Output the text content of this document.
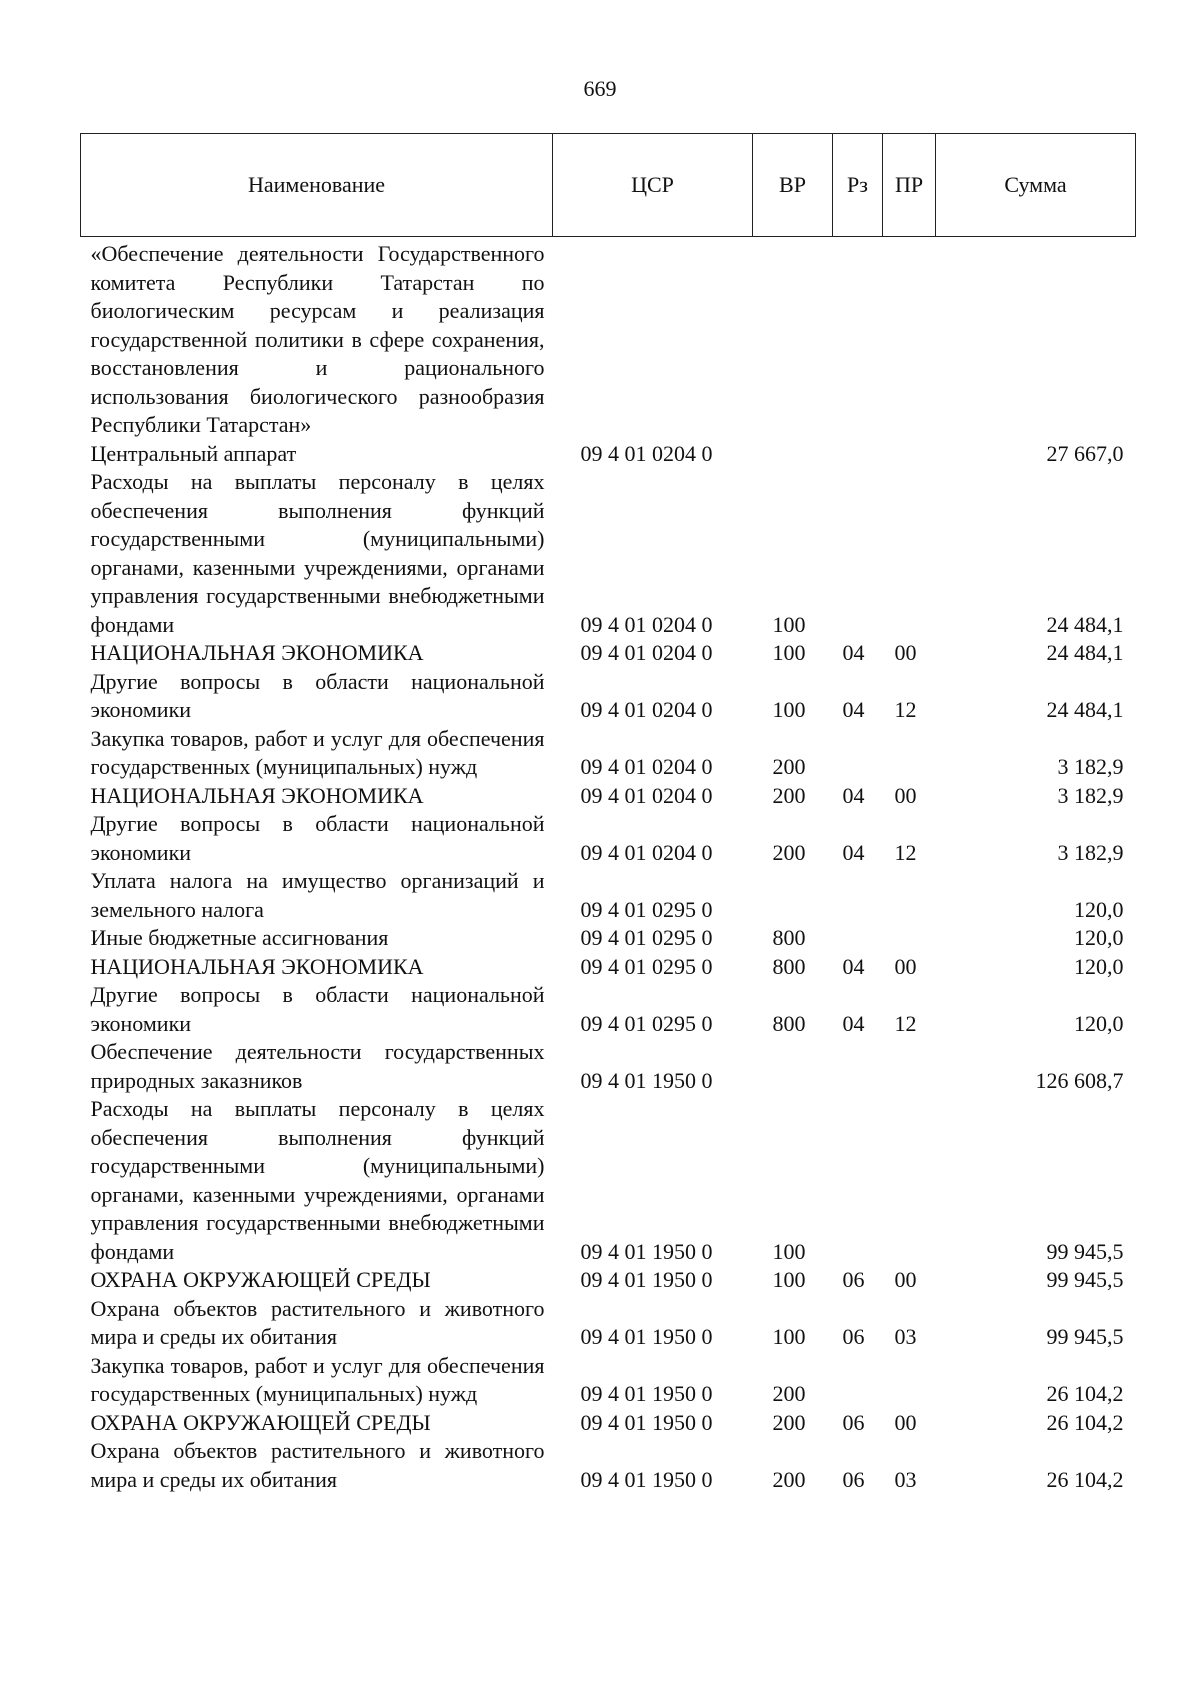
669
Наименование	ЦСР	ВР	Рз	ПР	Сумма
«Обеспечение деятельности Государственного комитета Республики Татарстан по биологическим ресурсам и реализация государственной политики в сфере сохранения, восстановления и рационального использования биологического разнообразия Республики Татарстан»					
Центральный аппарат	09 4 01 0204 0				27 667,0
Расходы на выплаты персоналу в целях обеспечения выполнения функций государственными (муниципальными) органами, казенными учреждениями, органами управления государственными внебюджетными фондами	09 4 01 0204 0	100			24 484,1
НАЦИОНАЛЬНАЯ ЭКОНОМИКА	09 4 01 0204 0	100	04	00	24 484,1
Другие вопросы в области национальной экономики	09 4 01 0204 0	100	04	12	24 484,1
Закупка товаров, работ и услуг для обеспечения государственных (муниципальных) нужд	09 4 01 0204 0	200			3 182,9
НАЦИОНАЛЬНАЯ ЭКОНОМИКА	09 4 01 0204 0	200	04	00	3 182,9
Другие вопросы в области национальной экономики	09 4 01 0204 0	200	04	12	3 182,9
Уплата налога на имущество организаций и земельного налога	09 4 01 0295 0				120,0
Иные бюджетные ассигнования	09 4 01 0295 0	800			120,0
НАЦИОНАЛЬНАЯ ЭКОНОМИКА	09 4 01 0295 0	800	04	00	120,0
Другие вопросы в области национальной экономики	09 4 01 0295 0	800	04	12	120,0
Обеспечение деятельности государственных природных заказников	09 4 01 1950 0				126 608,7
Расходы на выплаты персоналу в целях обеспечения выполнения функций государственными (муниципальными) органами, казенными учреждениями, органами управления государственными внебюджетными фондами	09 4 01 1950 0	100			99 945,5
ОХРАНА ОКРУЖАЮЩЕЙ СРЕДЫ	09 4 01 1950 0	100	06	00	99 945,5
Охрана объектов растительного и животного мира и среды их обитания	09 4 01 1950 0	100	06	03	99 945,5
Закупка товаров, работ и услуг для обеспечения государственных (муниципальных) нужд	09 4 01 1950 0	200			26 104,2
ОХРАНА ОКРУЖАЮЩЕЙ СРЕДЫ	09 4 01 1950 0	200	06	00	26 104,2
Охрана объектов растительного и животного мира и среды их обитания	09 4 01 1950 0	200	06	03	26 104,2
